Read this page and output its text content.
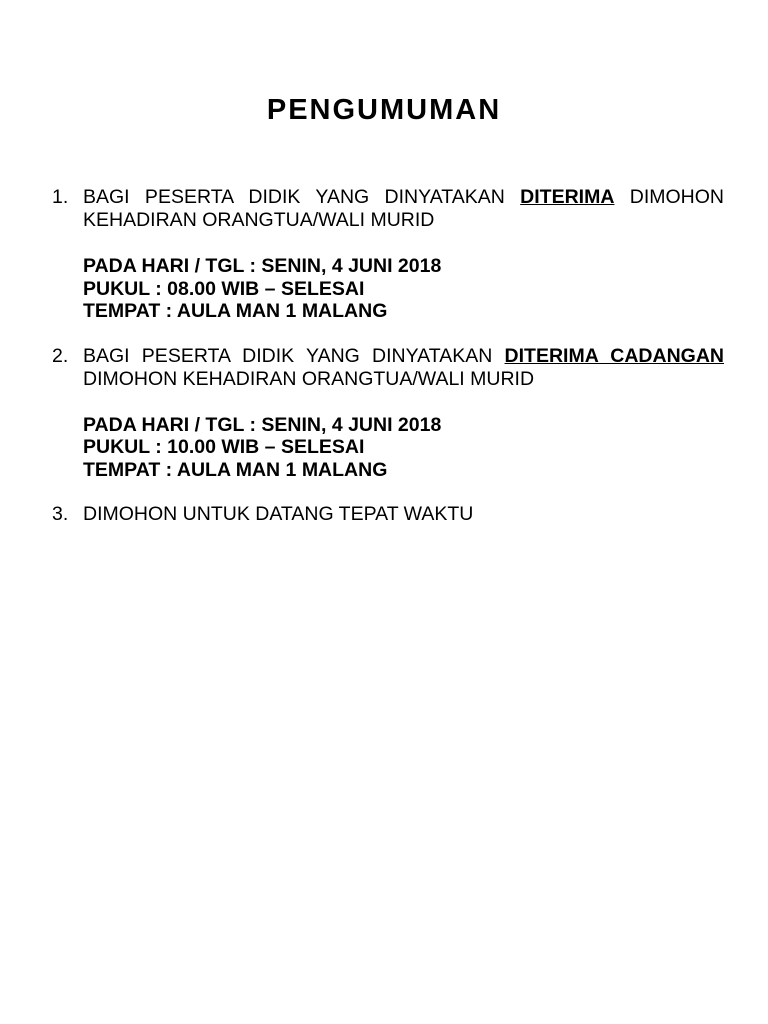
PENGUMUMAN
1. BAGI PESERTA DIDIK YANG DINYATAKAN DITERIMA DIMOHON KEHADIRAN ORANGTUA/WALI MURID
PADA HARI / TGL : SENIN, 4 JUNI 2018
PUKUL : 08.00 WIB – SELESAI
TEMPAT : AULA MAN 1 MALANG
2. BAGI PESERTA DIDIK YANG DINYATAKAN DITERIMA CADANGAN DIMOHON KEHADIRAN ORANGTUA/WALI MURID
PADA HARI / TGL : SENIN, 4 JUNI 2018
PUKUL : 10.00 WIB – SELESAI
TEMPAT : AULA MAN 1 MALANG
3. DIMOHON UNTUK DATANG TEPAT WAKTU
